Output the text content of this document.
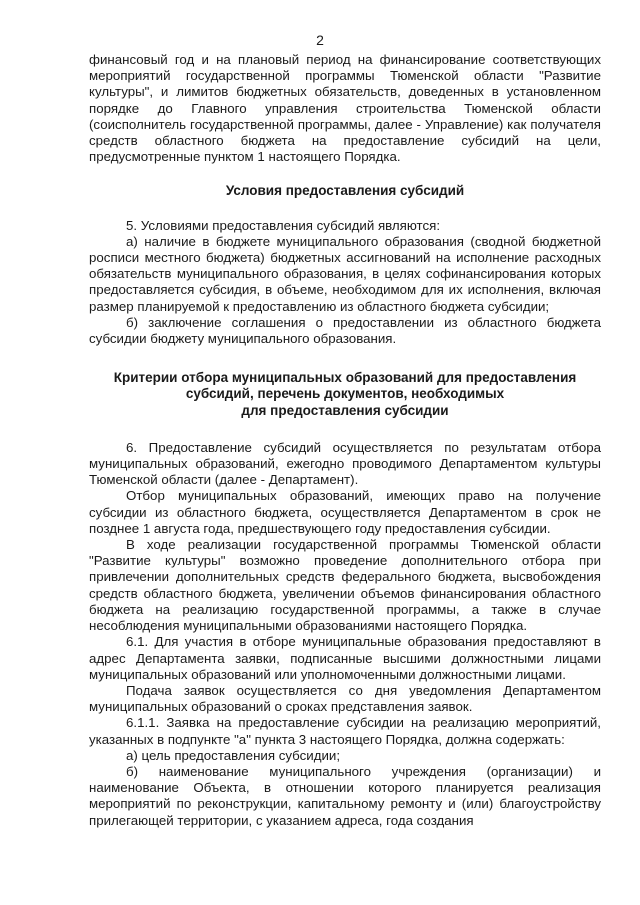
2

финансовый год и на плановый период на финансирование соответствующих мероприятий государственной программы Тюменской области "Развитие культуры", и лимитов бюджетных обязательств, доведенных в установленном порядке до Главного управления строительства Тюменской области (соисполнитель государственной программы, далее - Управление) как получателя средств областного бюджета на предоставление субсидий на цели, предусмотренные пунктом 1 настоящего Порядка.

Условия предоставления субсидий

5. Условиями предоставления субсидий являются:

а) наличие в бюджете муниципального образования (сводной бюджетной росписи местного бюджета) бюджетных ассигнований на исполнение расходных обязательств муниципального образования, в целях софинансирования которых предоставляется субсидия, в объеме, необходимом для их исполнения, включая размер планируемой к предоставлению из областного бюджета субсидии;

б) заключение соглашения о предоставлении из областного бюджета субсидии бюджету муниципального образования.

Критерии отбора муниципальных образований для предоставления
субсидий, перечень документов, необходимых
для предоставления субсидии

6. Предоставление субсидий осуществляется по результатам отбора муниципальных образований, ежегодно проводимого Департаментом культуры Тюменской области (далее - Департамент).

Отбор муниципальных образований, имеющих право на получение субсидии из областного бюджета, осуществляется Департаментом в срок не позднее 1 августа года, предшествующего году предоставления субсидии.

В ходе реализации государственной программы Тюменской области "Развитие культуры" возможно проведение дополнительного отбора при привлечении дополнительных средств федерального бюджета, высвобождения средств областного бюджета, увеличении объемов финансирования областного бюджета на реализацию государственной программы, а также в случае несоблюдения муниципальными образованиями настоящего Порядка.

6.1. Для участия в отборе муниципальные образования предоставляют в адрес Департамента заявки, подписанные высшими должностными лицами муниципальных образований или уполномоченными должностными лицами.

Подача заявок осуществляется со дня уведомления Департаментом муниципальных образований о сроках представления заявок.

6.1.1. Заявка на предоставление субсидии на реализацию мероприятий, указанных в подпункте "а" пункта 3 настоящего Порядка, должна содержать:

а) цель предоставления субсидии;

б) наименование муниципального учреждения (организации) и наименование Объекта, в отношении которого планируется реализация мероприятий по реконструкции, капитальному ремонту и (или) благоустройству прилегающей территории, с указанием адреса, года создания
